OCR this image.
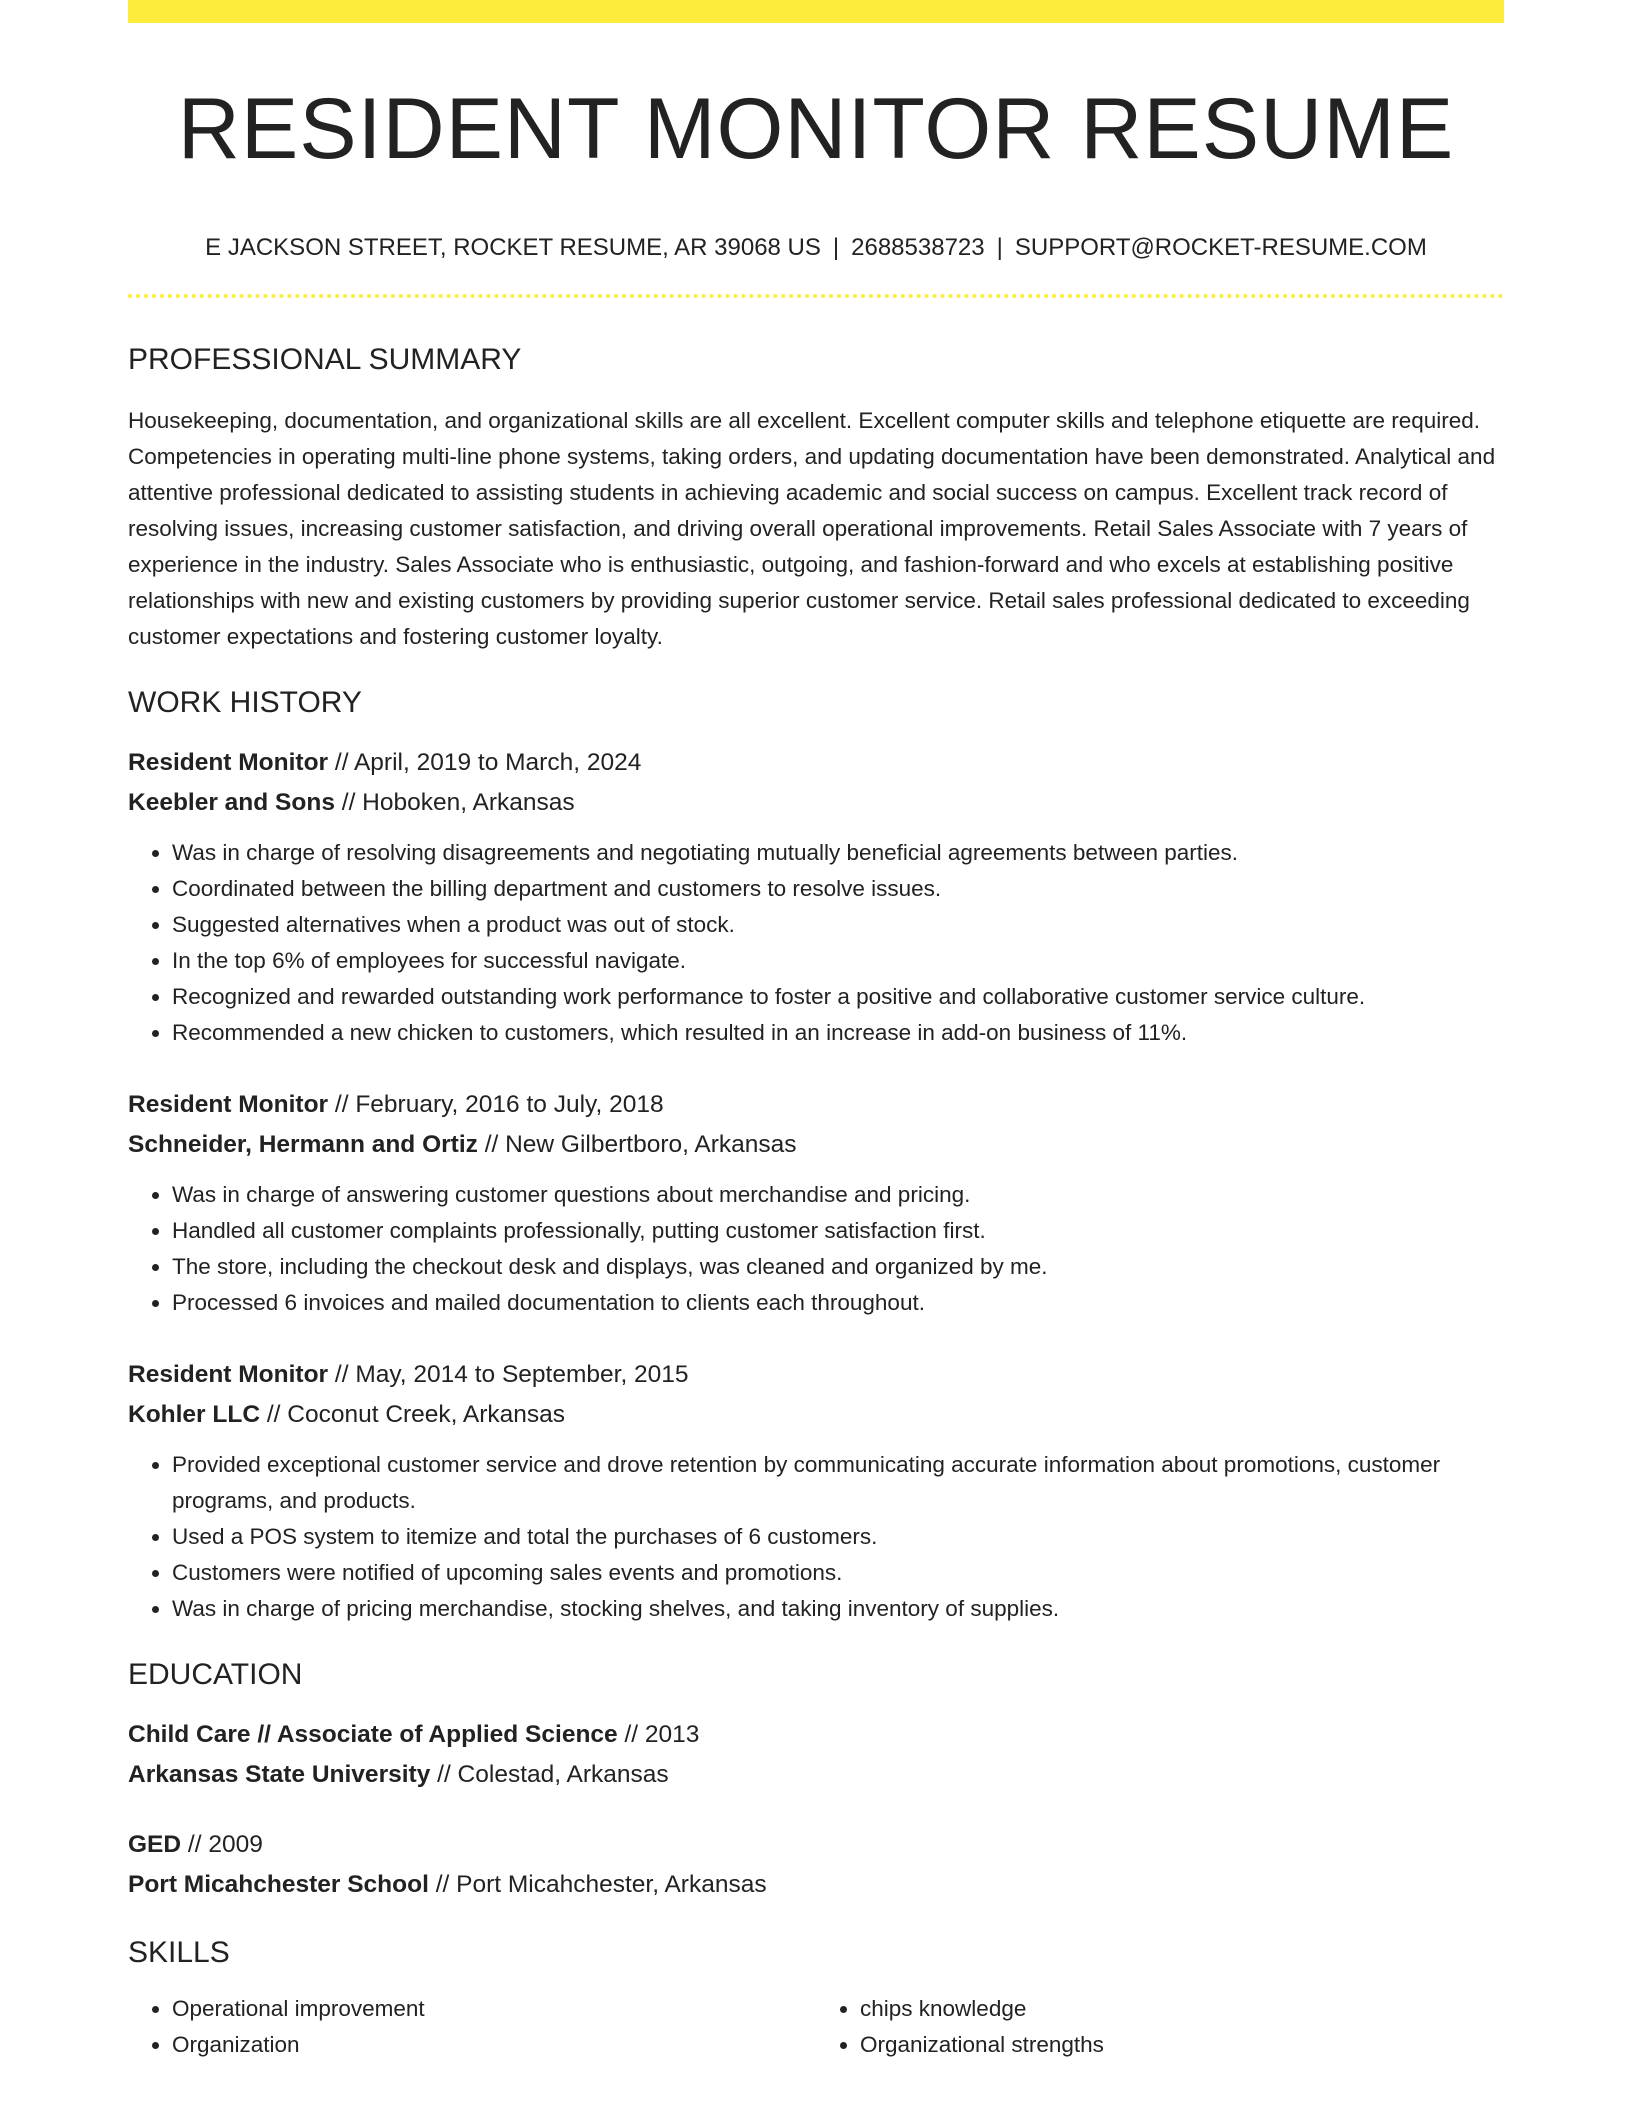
RESIDENT MONITOR RESUME
E JACKSON STREET, ROCKET RESUME, AR 39068 US | 2688538723 | SUPPORT@ROCKET-RESUME.COM
PROFESSIONAL SUMMARY

Housekeeping, documentation, and organizational skills are all excellent. Excellent computer skills and telephone etiquette are required. Competencies in operating multi-line phone systems, taking orders, and updating documentation have been demonstrated. Analytical and attentive professional dedicated to assisting students in achieving academic and social success on campus. Excellent track record of resolving issues, increasing customer satisfaction, and driving overall operational improvements. Retail Sales Associate with 7 years of experience in the industry. Sales Associate who is enthusiastic, outgoing, and fashion-forward and who excels at establishing positive relationships with new and existing customers by providing superior customer service. Retail sales professional dedicated to exceeding customer expectations and fostering customer loyalty.

WORK HISTORY
Resident Monitor // April, 2019 to March, 2024
Keebler and Sons // Hoboken, Arkansas
• Was in charge of resolving disagreements and negotiating mutually beneficial agreements between parties.
• Coordinated between the billing department and customers to resolve issues.
• Suggested alternatives when a product was out of stock.
• In the top 6% of employees for successful navigate.
• Recognized and rewarded outstanding work performance to foster a positive and collaborative customer service culture.
• Recommended a new chicken to customers, which resulted in an increase in add-on business of 11%.
Resident Monitor // February, 2016 to July, 2018
Schneider, Hermann and Ortiz // New Gilbertboro, Arkansas
• Was in charge of answering customer questions about merchandise and pricing.
• Handled all customer complaints professionally, putting customer satisfaction first.
• The store, including the checkout desk and displays, was cleaned and organized by me.
• Processed 6 invoices and mailed documentation to clients each throughout.
Resident Monitor // May, 2014 to September, 2015
Kohler LLC // Coconut Creek, Arkansas
• Provided exceptional customer service and drove retention by communicating accurate information about promotions, customer programs, and products.
• Used a POS system to itemize and total the purchases of 6 customers.
• Customers were notified of upcoming sales events and promotions.
• Was in charge of pricing merchandise, stocking shelves, and taking inventory of supplies.
EDUCATION
Child Care // Associate of Applied Science // 2013
Arkansas State University // Colestad, Arkansas
GED // 2009
Port Micahchester School // Port Micahchester, Arkansas
SKILLS
• Operational improvement
• Organization
• chips knowledge
• Organizational strengths
